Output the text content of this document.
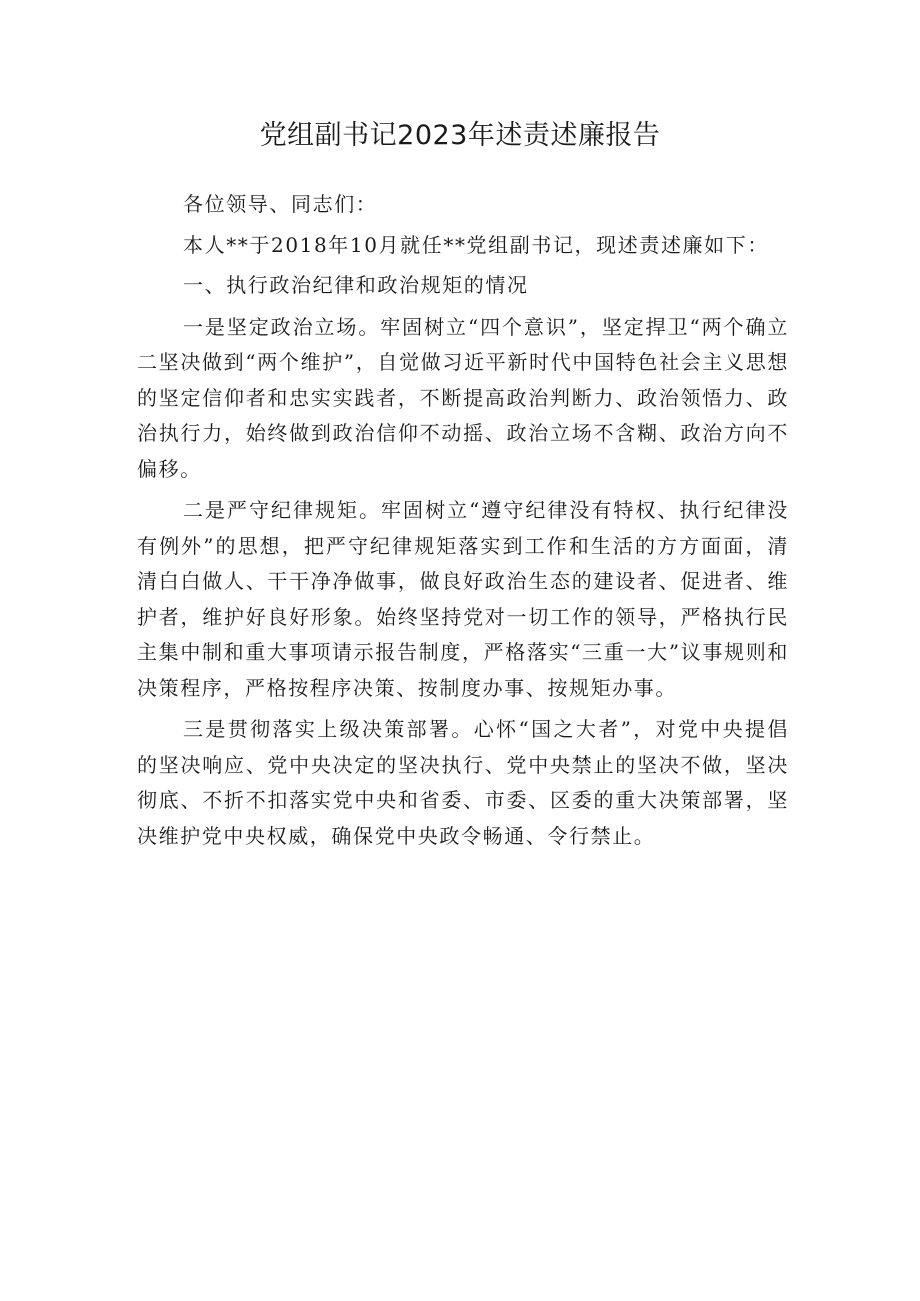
党组副书记2023年述责述廉报告

各位领导、同志们：

本人**于2018年10月就任**党组副书记，现述责述廉如下：

一、执行政治纪律和政治规矩的情况

一是坚定政治立场。牢固树立“四个意识”，坚定捍卫“两个确立二坚决做到“两个维护”，自觉做习近平新时代中国特色社会主义思想的坚定信仰者和忠实实践者，不断提高政治判断力、政治领悟力、政治执行力，始终做到政治信仰不动摇、政治立场不含糊、政治方向不偏移。

二是严守纪律规矩。牢固树立“遵守纪律没有特权、执行纪律没有例外”的思想，把严守纪律规矩落实到工作和生活的方方面面，清清白白做人、干干净净做事，做良好政治生态的建设者、促进者、维护者，维护好良好形象。始终坚持党对一切工作的领导，严格执行民主集中制和重大事项请示报告制度，严格落实“三重一大”议事规则和决策程序，严格按程序决策、按制度办事、按规矩办事。

三是贯彻落实上级决策部署。心怀“国之大者”，对党中央提倡的坚决响应、党中央决定的坚决执行、党中央禁止的坚决不做，坚决彻底、不折不扣落实党中央和省委、市委、区委的重大决策部署，坚决维护党中央权威，确保党中央政令畅通、令行禁止。
